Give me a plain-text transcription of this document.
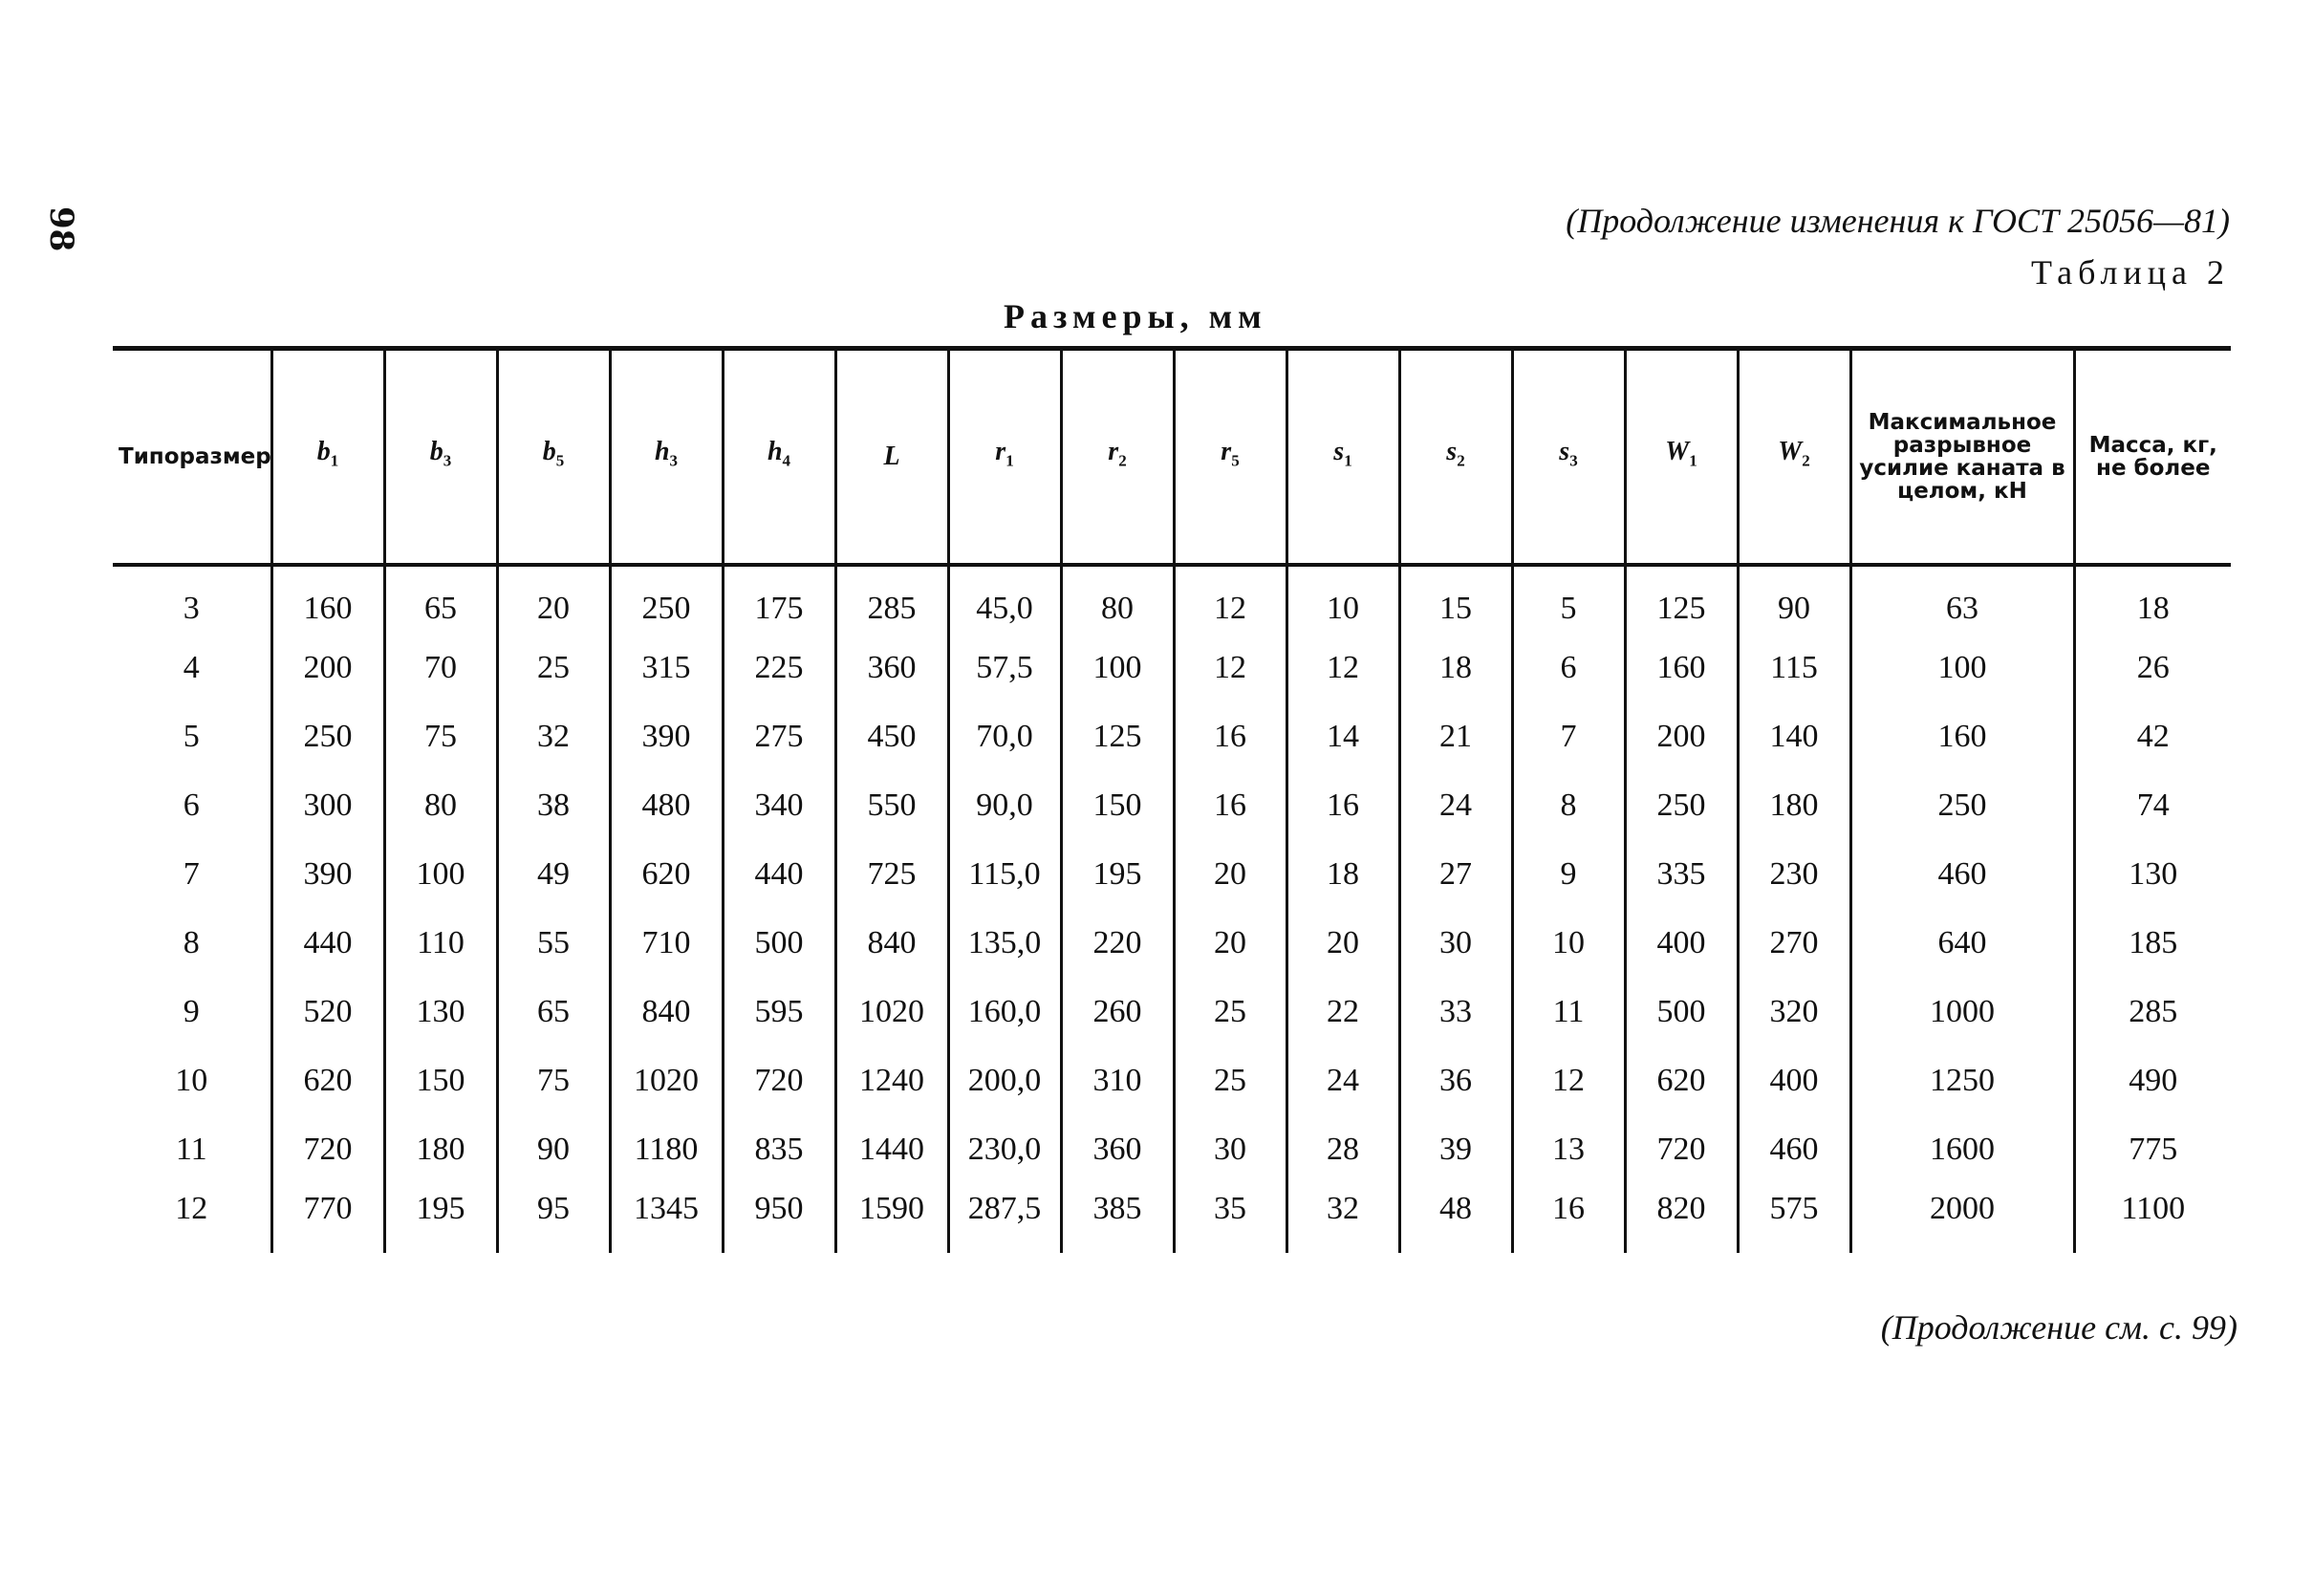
98	(Продолжение изменения к ГОСТ 25056—81)
Таблица 2
Размеры, мм
Типоразмер	$b_1$	$b_3$	$b_5$	$h_3$	$h_4$	L	$r_1$	$r_2$	$r_5$	$s_1$	$s_2$	$s_3$	$W_1$	$W_2$	Максимальное разрывное усилие каната в целом, кН	Масса, кг, не более
3	160	65	20	250	175	285	45,0	80	12	10	15	5	125	90	63	18
4	200	70	25	315	225	360	57,5	100	12	12	18	6	160	115	100	26
5	250	75	32	390	275	450	70,0	125	16	14	21	7	200	140	160	42
6	300	80	38	480	340	550	90,0	150	16	16	24	8	250	180	250	74
7	390	100	49	620	440	725	115,0	195	20	18	27	9	335	230	460	130
8	440	110	55	710	500	840	135,0	220	20	20	30	10	400	270	640	185
9	520	130	65	840	595	1020	160,0	260	25	22	33	11	500	320	1000	285
10	620	150	75	1020	720	1240	200,0	310	25	24	36	12	620	400	1250	490
11	720	180	90	1180	835	1440	230,0	360	30	28	39	13	720	460	1600	775
12	770	195	95	1345	950	1590	287,5	385	35	32	48	16	820	575	2000	1100
(Продолжение см. с. 99)
